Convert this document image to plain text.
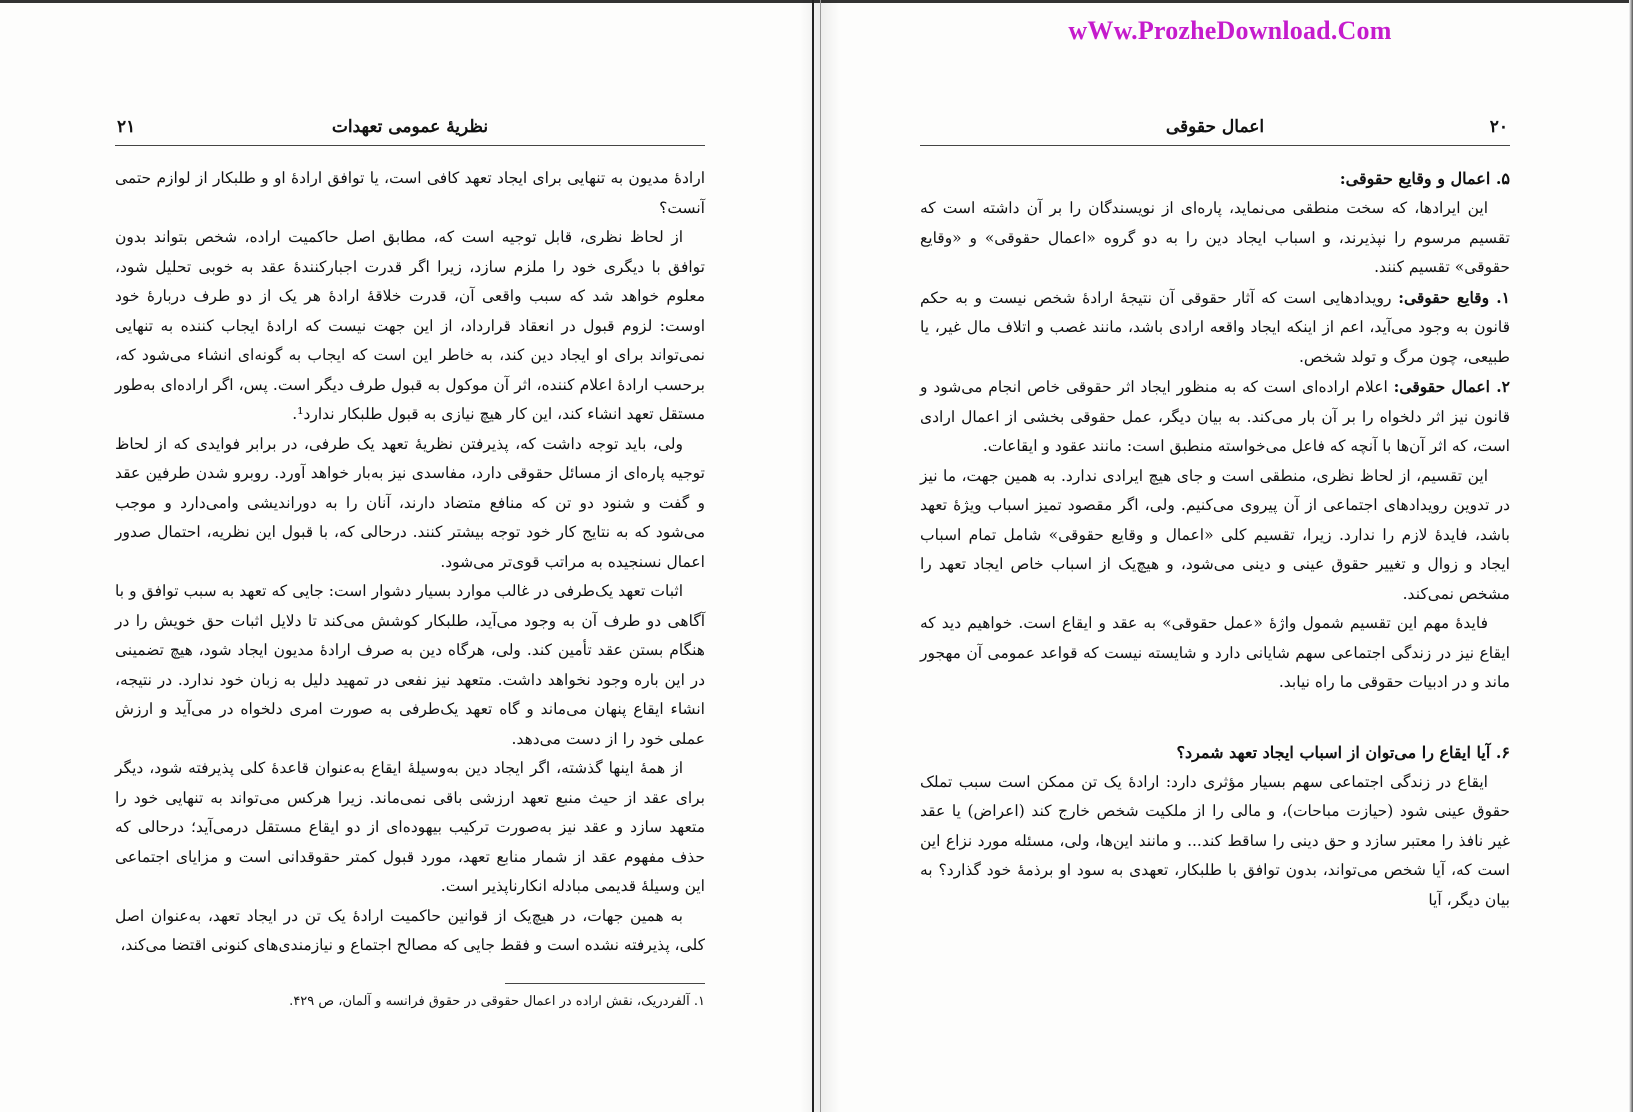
wWw.ProzheDownload.Com
نظریهٔ عمومی تعهدات
۲۱

ارادهٔ مدیون به تنهایی برای ایجاد تعهد کافی است، یا توافق ارادهٔ او و طلبکار از لوازم حتمی آنست؟

از لحاظ نظری، قابل توجیه است که، مطابق اصل حاکمیت اراده، شخص بتواند بدون توافق با دیگری خود را ملزم سازد، زیرا اگر قدرت اجبارکنندهٔ عقد به خوبی تحلیل شود، معلوم خواهد شد که سبب واقعی آن، قدرت خلاقهٔ ارادهٔ هر یک از دو طرف دربارهٔ خود اوست: لزوم قبول در انعقاد قرارداد، از این جهت نیست که ارادهٔ ایجاب کننده به تنهایی نمی‌تواند برای او ایجاد دین کند، به خاطر این است که ایجاب به گونه‌ای انشاء می‌شود که، برحسب ارادهٔ اعلام کننده، اثر آن موکول به قبول طرف دیگر است. پس، اگر اراده‌ای به‌طور مستقل تعهد انشاء کند، این کار هیچ نیازی به قبول طلبکار ندارد¹.

ولی، باید توجه داشت که، پذیرفتن نظریهٔ تعهد یک طرفی، در برابر فوایدی که از لحاظ توجیه پاره‌ای از مسائل حقوقی دارد، مفاسدی نیز به‌بار خواهد آورد. روبرو شدن طرفین عقد و گفت و شنود دو تن که منافع متضاد دارند، آنان را به دوراندیشی وامی‌دارد و موجب می‌شود که به نتایج کار خود توجه بیشتر کنند. درحالی که، با قبول این نظریه، احتمال صدور اعمال نسنجیده به مراتب قوی‌تر می‌شود.

اثبات تعهد یک‌طرفی در غالب موارد بسیار دشوار است: جایی که تعهد به سبب توافق و با آگاهی دو طرف آن به وجود می‌آید، طلبکار کوشش می‌کند تا دلایل اثبات حق خویش را در هنگام بستن عقد تأمین کند. ولی، هرگاه دین به صرف ارادهٔ مدیون ایجاد شود، هیچ تضمینی در این باره وجود نخواهد داشت. متعهد نیز نفعی در تمهید دلیل به زبان خود ندارد. در نتیجه، انشاء ایقاع پنهان می‌ماند و گاه تعهد یک‌طرفی به صورت امری دلخواه در می‌آید و ارزش عملی خود را از دست می‌دهد.

از همهٔ اینها گذشته، اگر ایجاد دین به‌وسیلهٔ ایقاع به‌عنوان قاعدهٔ کلی پذیرفته شود، دیگر برای عقد از حیث منبع تعهد ارزشی باقی نمی‌ماند. زیرا هرکس می‌تواند به تنهایی خود را متعهد سازد و عقد نیز به‌صورت ترکیب بیهوده‌ای از دو ایقاع مستقل درمی‌آید؛ درحالی که حذف مفهوم عقد از شمار منابع تعهد، مورد قبول کمتر حقوقدانی است و مزایای اجتماعی این وسیلهٔ قدیمی مبادله انکارناپذیر است.

به همین جهات، در هیچ‌یک از قوانین حاکمیت ارادهٔ یک تن در ایجاد تعهد، به‌عنوان اصل کلی، پذیرفته نشده است و فقط جایی که مصالح اجتماع و نیازمندی‌های کنونی اقتضا می‌کند،

۱. آلفردریک، نقش اراده در اعمال حقوقی در حقوق فرانسه و آلمان، ص ۴۲۹.

اعمال حقوقی	۲۰

۵. اعمال و وقایع حقوقی:

این ایرادها، که سخت منطقی می‌نماید، پاره‌ای از نویسندگان را بر آن داشته است که تقسیم مرسوم را نپذیرند، و اسباب ایجاد دین را به دو گروه «اعمال حقوقی» و «وقایع حقوقی» تقسیم کنند.

۱. وقایع حقوقی: رویدادهایی است که آثار حقوقی آن نتیجهٔ ارادهٔ شخص نیست و به حکم قانون به وجود می‌آید، اعم از اینکه ایجاد واقعه ارادی باشد، مانند غصب و اتلاف مال غیر، یا طبیعی، چون مرگ و تولد شخص.

۲. اعمال حقوقی: اعلام اراده‌ای است که به منظور ایجاد اثر حقوقی خاص انجام می‌شود و قانون نیز اثر دلخواه را بر آن بار می‌کند. به بیان دیگر، عمل حقوقی بخشی از اعمال ارادی است، که اثر آن‌ها با آنچه که فاعل می‌خواسته منطبق است: مانند عقود و ایقاعات.

این تقسیم، از لحاظ نظری، منطقی است و جای هیچ ایرادی ندارد. به همین جهت، ما نیز در تدوین رویدادهای اجتماعی از آن پیروی می‌کنیم. ولی، اگر مقصود تمیز اسباب ویژهٔ تعهد باشد، فایدهٔ لازم را ندارد. زیرا، تقسیم کلی «اعمال و وقایع حقوقی» شامل تمام اسباب ایجاد و زوال و تغییر حقوق عینی و دینی می‌شود، و هیچ‌یک از اسباب خاص ایجاد تعهد را مشخص نمی‌کند.

فایدهٔ مهم این تقسیم شمول واژهٔ «عمل حقوقی» به عقد و ایقاع است. خواهیم دید که ایقاع نیز در زندگی اجتماعی سهم شایانی دارد و شایسته نیست که قواعد عمومی آن مهجور ماند و در ادبیات حقوقی ما راه نیابد.

۶. آیا ایقاع را می‌توان از اسباب ایجاد تعهد شمرد؟

ایقاع در زندگی اجتماعی سهم بسیار مؤثری دارد: ارادهٔ یک تن ممکن است سبب تملک حقوق عینی شود (حیازت مباحات)، و مالی را از ملکیت شخص خارج کند (اعراض) یا عقد غیر نافذ را معتبر سازد و حق دینی را ساقط کند... و مانند این‌ها، ولی، مسئله مورد نزاع این است که، آیا شخص می‌تواند، بدون توافق با طلبکار، تعهدی به سود او برذمهٔ خود گذارد؟ به بیان دیگر، آیا
